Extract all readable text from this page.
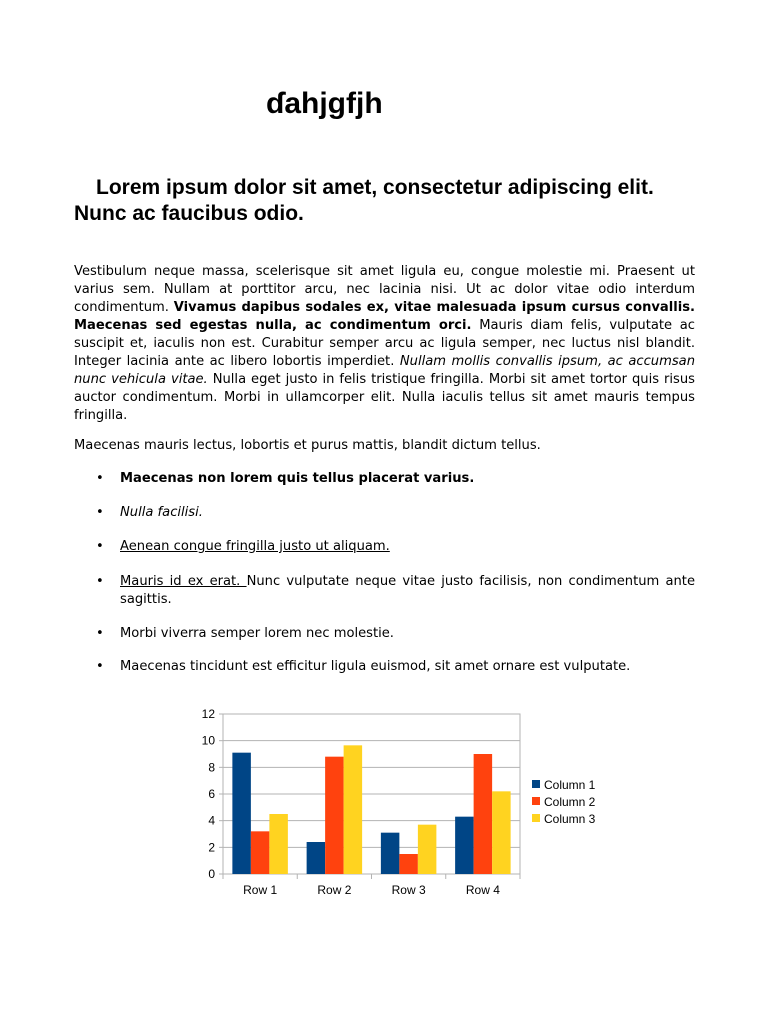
ɗahjgfjh
Lorem ipsum dolor sit amet, consectetur adipiscing elit. Nunc ac faucibus odio.

Vestibulum neque massa, scelerisque sit amet ligula eu, congue molestie mi. Praesent ut varius sem. Nullam at porttitor arcu, nec lacinia nisi. Ut ac dolor vitae odio interdum condimentum. Vivamus dapibus sodales ex, vitae malesuada ipsum cursus convallis. Maecenas sed egestas nulla, ac condimentum orci. Mauris diam felis, vulputate ac suscipit et, iaculis non est. Curabitur semper arcu ac ligula semper, nec luctus nisl blandit. Integer lacinia ante ac libero lobortis imperdiet. Nullam mollis convallis ipsum, ac accumsan nunc vehicula vitae. Nulla eget justo in felis tristique fringilla. Morbi sit amet tortor quis risus auctor condimentum. Morbi in ullamcorper elit. Nulla iaculis tellus sit amet mauris tempus fringilla.

Maecenas mauris lectus, lobortis et purus mattis, blandit dictum tellus.

• Maecenas non lorem quis tellus placerat varius.
• Nulla facilisi.
• Aenean congue fringilla justo ut aliquam.
• Mauris id ex erat. Nunc vulputate neque vitae justo facilisis, non condimentum ante sagittis.
• Morbi viverra semper lorem nec molestie.
• Maecenas tincidunt est efficitur ligula euismod, sit amet ornare est vulputate.
0
2
4
6
8
10
12
Row 1	Row 2	Row 3	Row 4
Column 1
Column 2
Column 3
